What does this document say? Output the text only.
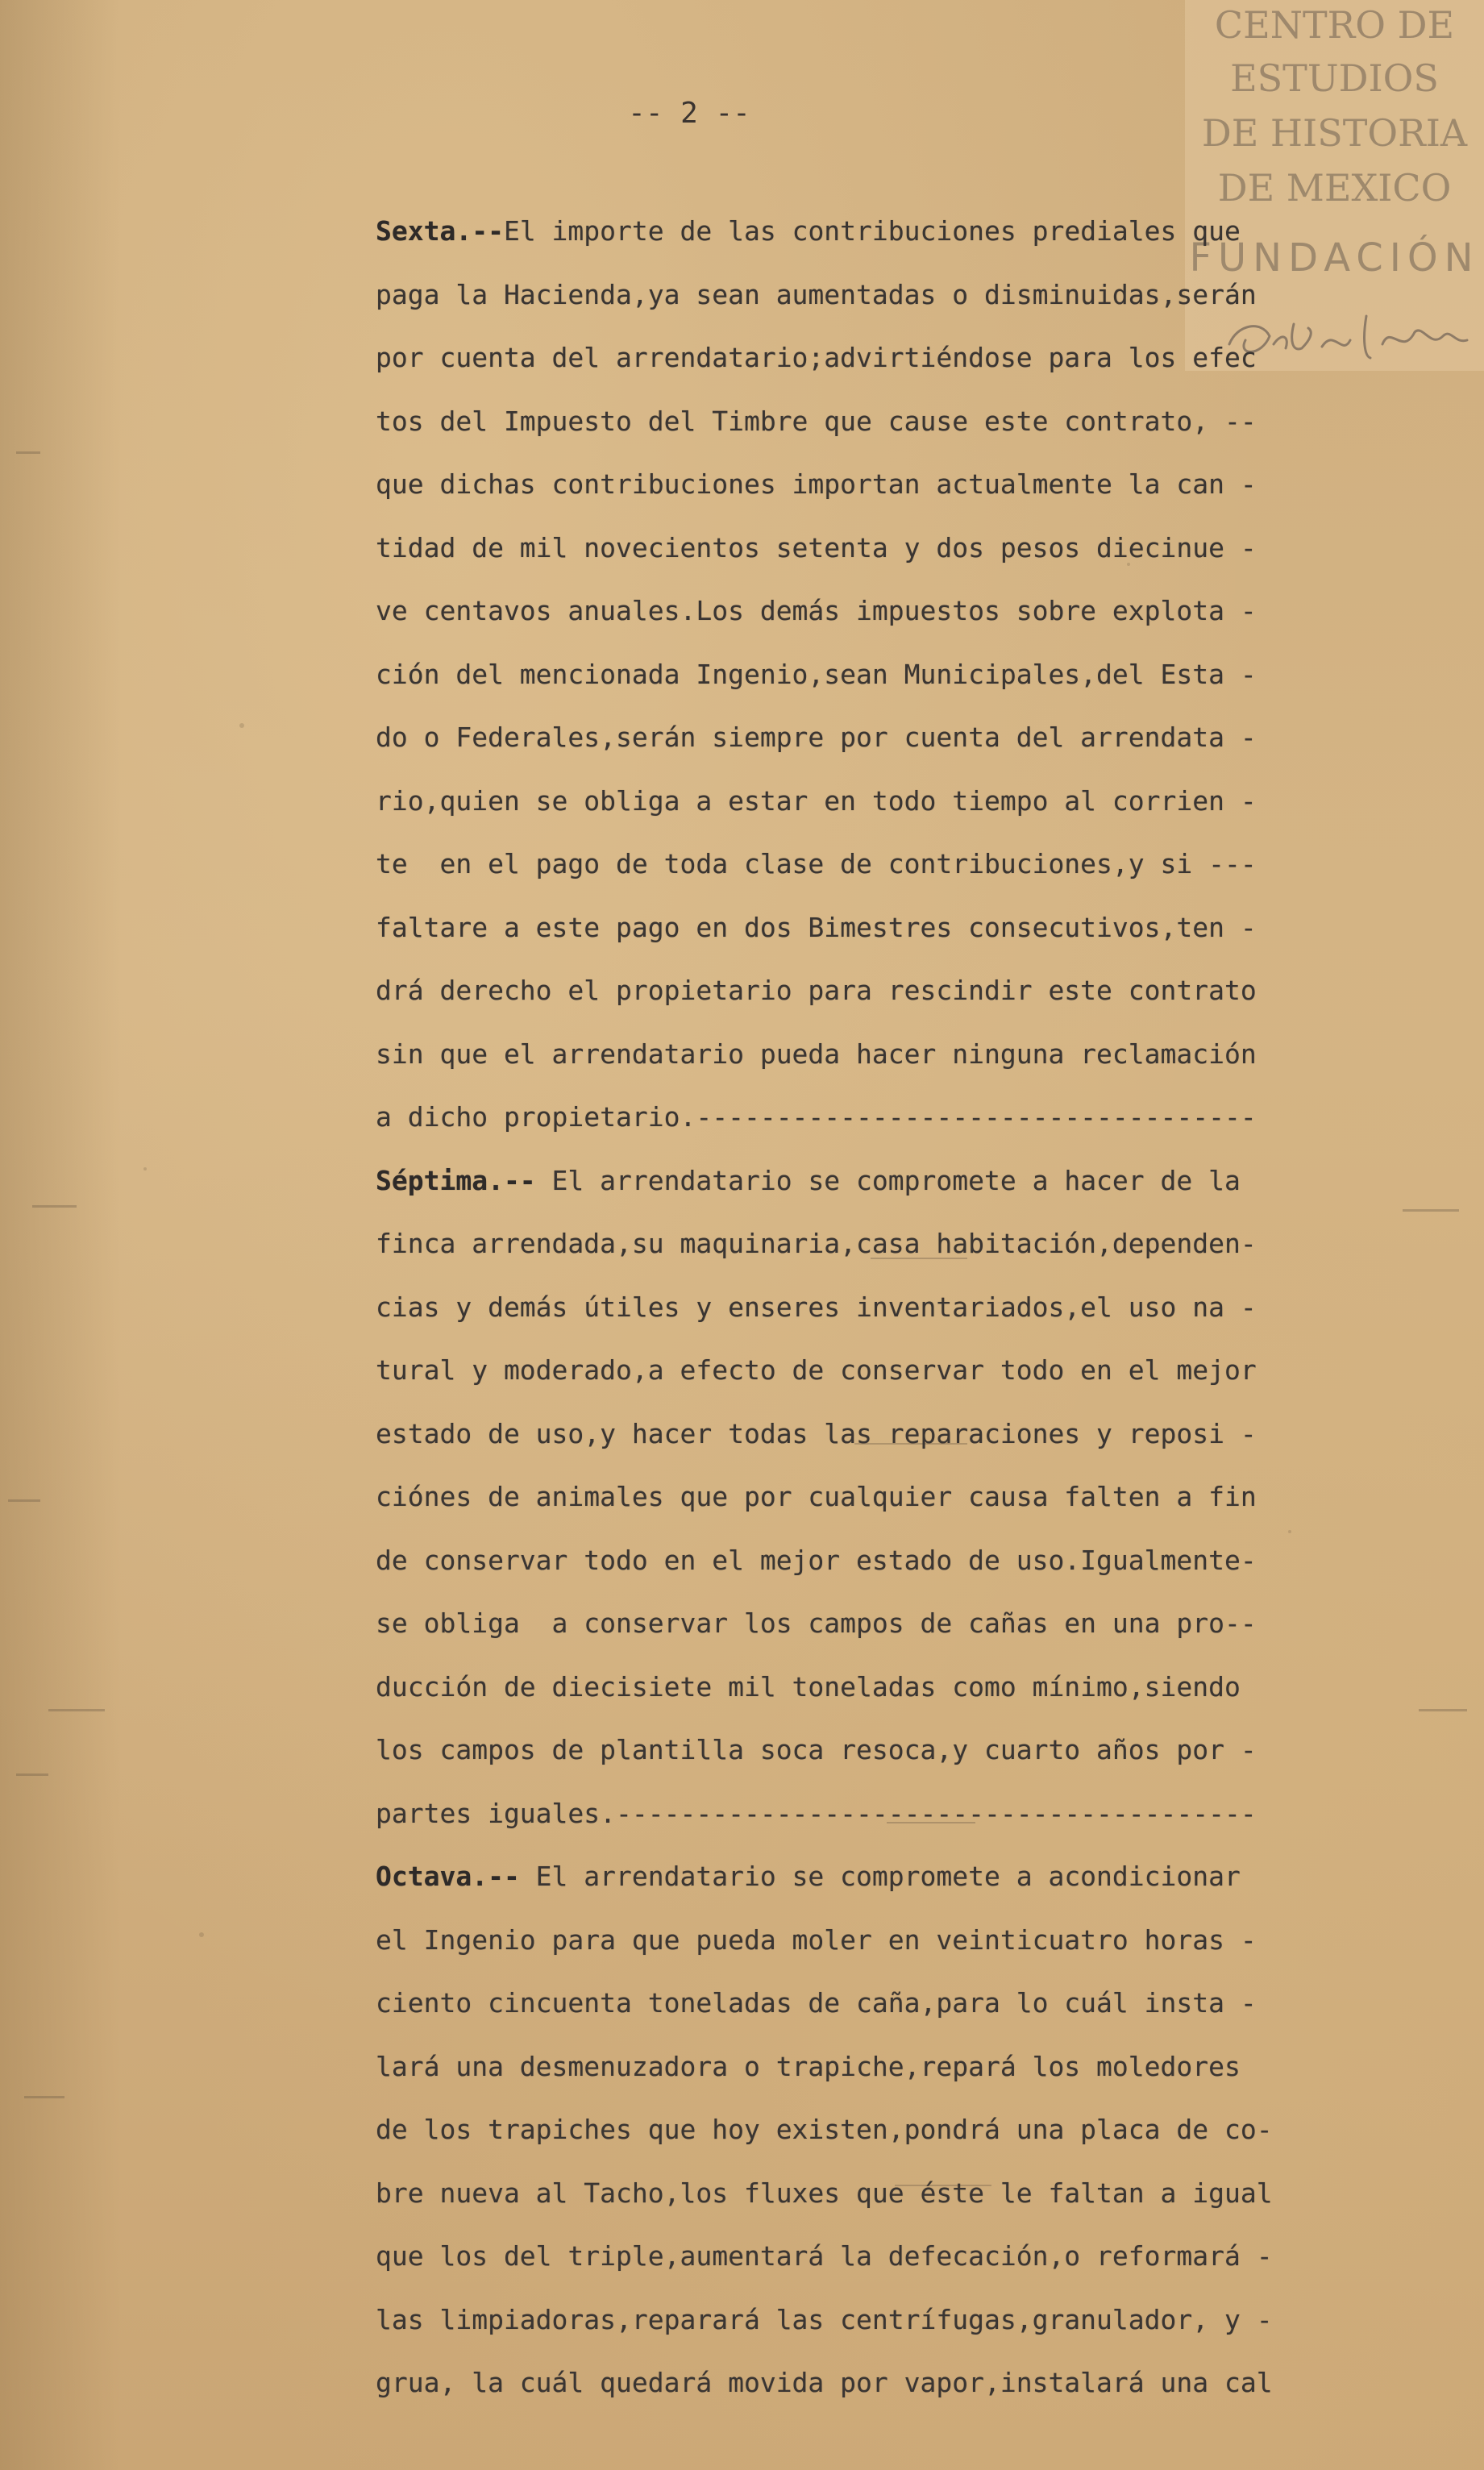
CENTRO DE
ESTUDIOS
DE HISTORIA
DE MEXICO
FUNDACIÓN
-- 2 --
Sexta.--El importe de las contribuciones prediales que
paga la Hacienda,ya sean aumentadas o disminuidas,serán
por cuenta del arrendatario;advirtiéndose para los efec
tos del Impuesto del Timbre que cause este contrato, --
que dichas contribuciones importan actualmente la can -
tidad de mil novecientos setenta y dos pesos diecinue -
ve centavos anuales.Los demás impuestos sobre explota -
ción del mencionada Ingenio,sean Municipales,del Esta -
do o Federales,serán siempre por cuenta del arrendata -
rio,quien se obliga a estar en todo tiempo al corrien -
te  en el pago de toda clase de contribuciones,y si ---
faltare a este pago en dos Bimestres consecutivos,ten -
drá derecho el propietario para rescindir este contrato
sin que el arrendatario pueda hacer ninguna reclamación
a dicho propietario.-----------------------------------
Séptima.-- El arrendatario se compromete a hacer de la
finca arrendada,su maquinaria,casa habitación,dependen-
cias y demás útiles y enseres inventariados,el uso na -
tural y moderado,a efecto de conservar todo en el mejor
estado de uso,y hacer todas las reparaciones y reposi -
ciónes de animales que por cualquier causa falten a fin
de conservar todo en el mejor estado de uso.Igualmente-
se obliga  a conservar los campos de cañas en una pro--
ducción de diecisiete mil toneladas como mínimo,siendo
los campos de plantilla soca resoca,y cuarto años por -
partes iguales.----------------------------------------
Octava.-- El arrendatario se compromete a acondicionar
el Ingenio para que pueda moler en veinticuatro horas -
ciento cincuenta toneladas de caña,para lo cuál insta -
lará una desmenuzadora o trapiche,repará los moledores
de los trapiches que hoy existen,pondrá una placa de co-
bre nueva al Tacho,los fluxes que éste le faltan a igual
que los del triple,aumentará la defecación,o reformará -
las limpiadoras,reparará las centrífugas,granulador, y -
grua, la cuál quedará movida por vapor,instalará una cal
